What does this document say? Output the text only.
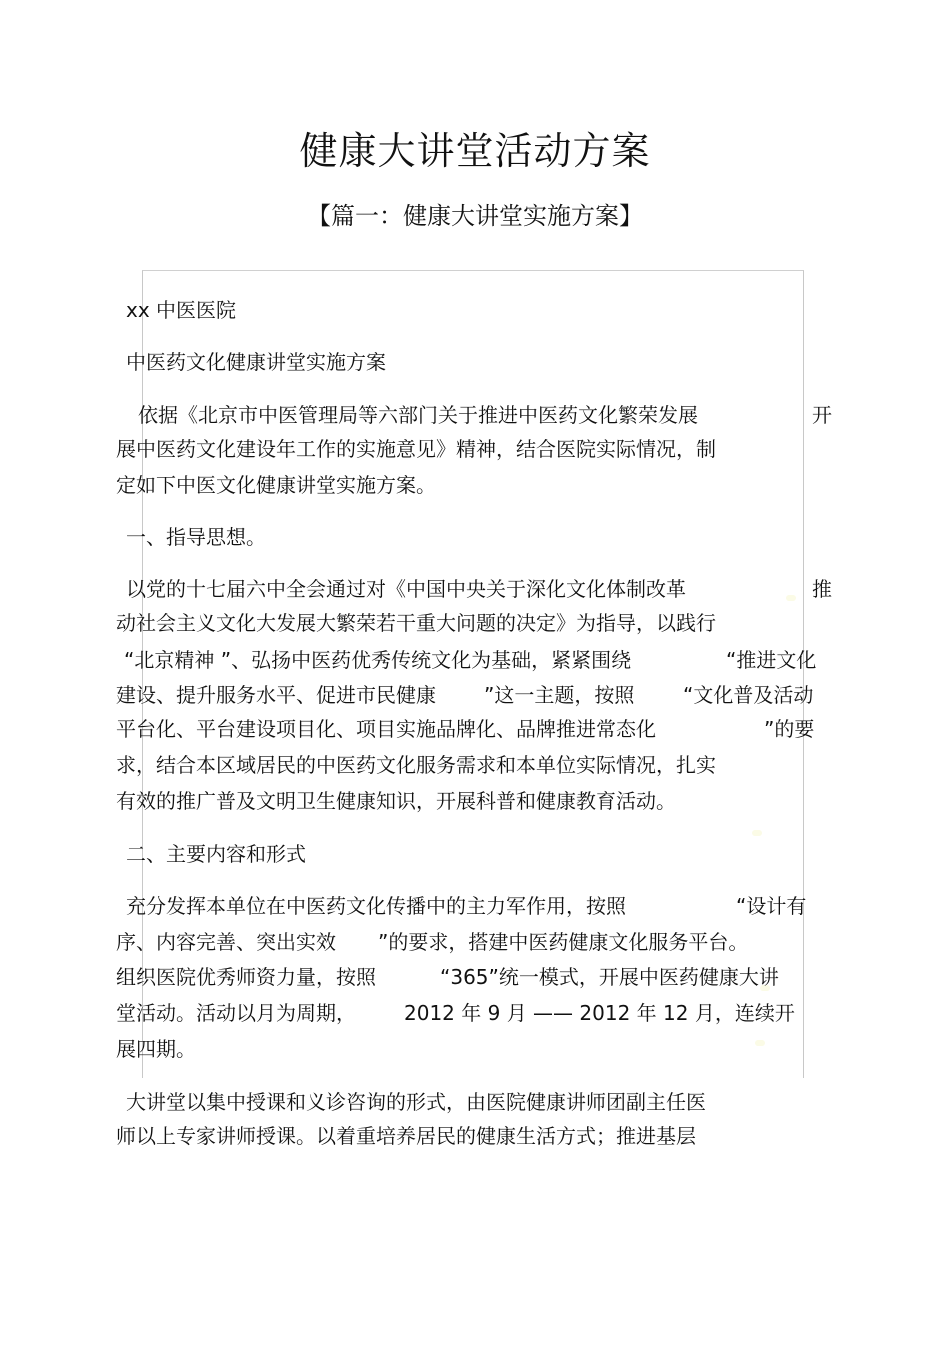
健康大讲堂活动方案
【篇一：健康大讲堂实施方案】
xx 中医医院
中医药文化健康讲堂实施方案
依据《北京市中医管理局等六部门关于推进中医药文化繁荣发展	开
展中医药文化建设年工作的实施意见》精神，结合医院实际情况，制
定如下中医文化健康讲堂实施方案。
一、指导思想。
以党的十七届六中全会通过对《中国中央关于深化文化体制改革	推
动社会主义文化大发展大繁荣若干重大问题的决定》为指导，以践行
“北京精神 ”、弘扬中医药优秀传统文化为基础，紧紧围绕	“推进文化
建设、提升服务水平、促进市民健康 ”这一主题，按照 “文化普及活动
平台化、平台建设项目化、项目实施品牌化、品牌推进常态化	”的要
求，结合本区域居民的中医药文化服务需求和本单位实际情况，扎实
有效的推广普及文明卫生健康知识，开展科普和健康教育活动。
二、主要内容和形式
充分发挥本单位在中医药文化传播中的主力军作用，按照	“设计有
序、内容完善、突出实效 ”的要求，搭建中医药健康文化服务平台。
组织医院优秀师资力量，按照	“365”统一模式，开展中医药健康大讲
堂活动。活动以月为周期， 2012 年 9 月 —— 2012 年 12 月，连续开
展四期。
大讲堂以集中授课和义诊咨询的形式，由医院健康讲师团副主任医
师以上专家讲师授课。以着重培养居民的健康生活方式；推进基层
